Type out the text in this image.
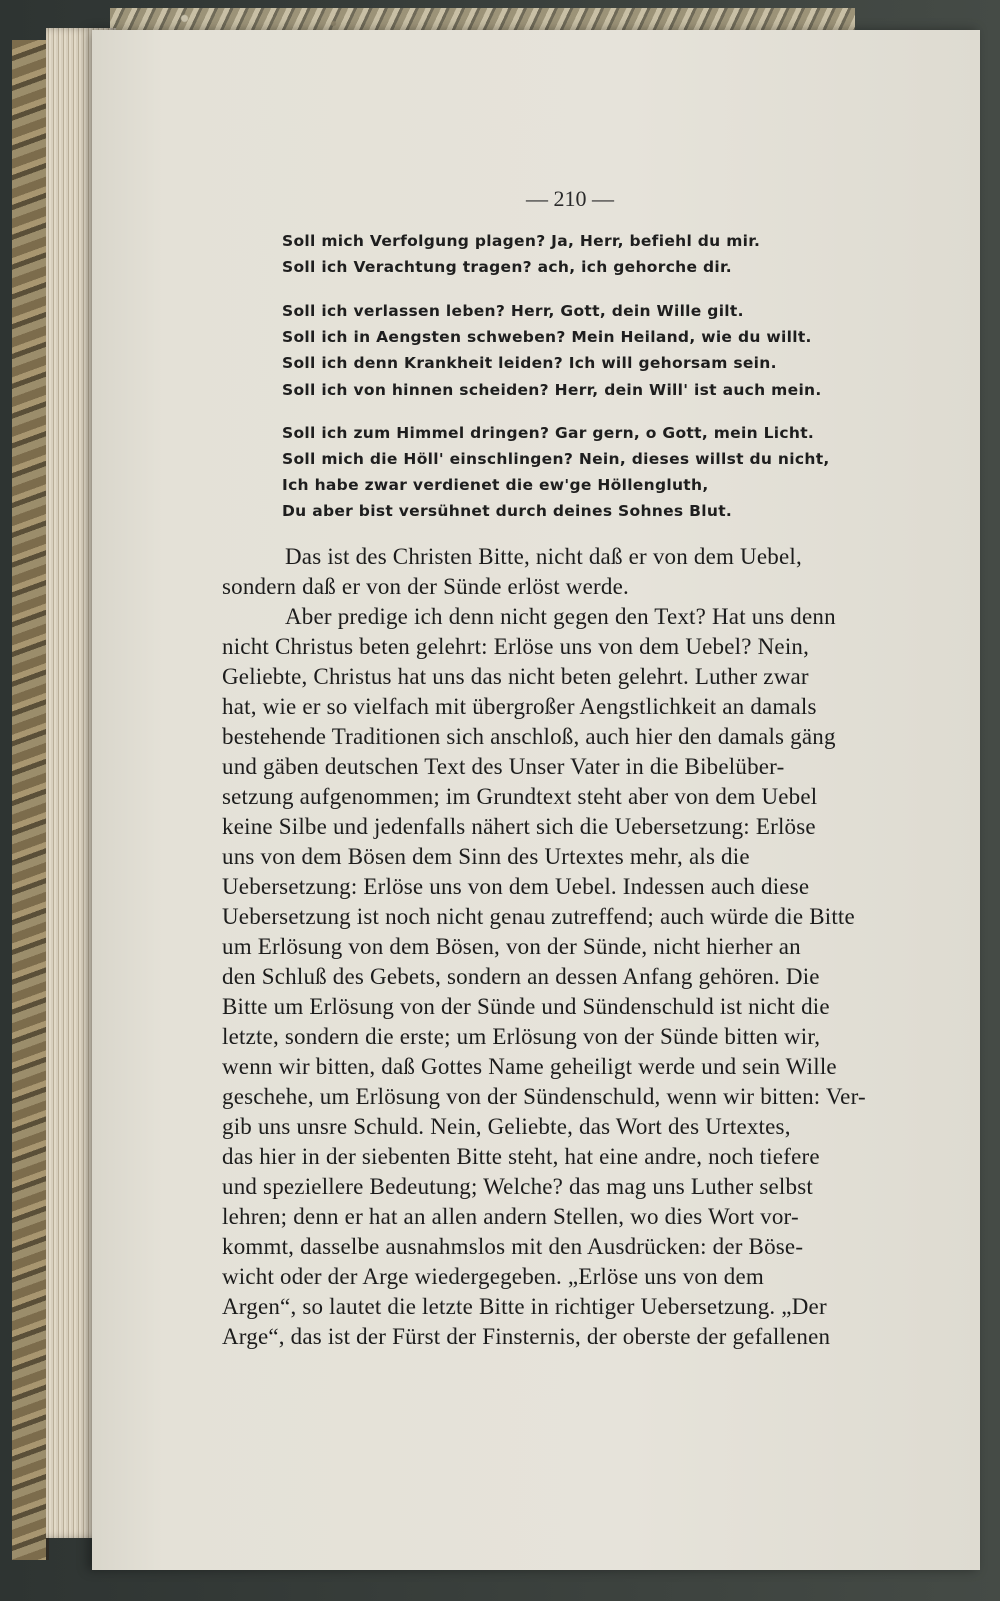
— 210 —
Soll mich Verfolgung plagen? Ja, Herr, befiehl du mir.
Soll ich Verachtung tragen? ach, ich gehorche dir.
Soll ich verlassen leben? Herr, Gott, dein Wille gilt.
Soll ich in Aengsten schweben? Mein Heiland, wie du willt.
Soll ich denn Krankheit leiden? Ich will gehorsam sein.
Soll ich von hinnen scheiden? Herr, dein Will' ist auch mein.
Soll ich zum Himmel dringen? Gar gern, o Gott, mein Licht.
Soll mich die Höll' einschlingen? Nein, dieses willst du nicht,
Ich habe zwar verdienet die ew'ge Höllengluth,
Du aber bist versühnet durch deines Sohnes Blut.
Das ist des Christen Bitte, nicht daß er von dem Uebel,
sondern daß er von der Sünde erlöst werde.
Aber predige ich denn nicht gegen den Text? Hat uns denn
nicht Christus beten gelehrt: Erlöse uns von dem Uebel? Nein,
Geliebte, Christus hat uns das nicht beten gelehrt. Luther zwar
hat, wie er so vielfach mit übergroßer Aengstlichkeit an damals
bestehende Traditionen sich anschloß, auch hier den damals gäng
und gäben deutschen Text des Unser Vater in die Bibelüber-
setzung aufgenommen; im Grundtext steht aber von dem Uebel
keine Silbe und jedenfalls nähert sich die Uebersetzung: Erlöse
uns von dem Bösen dem Sinn des Urtextes mehr, als die
Uebersetzung: Erlöse uns von dem Uebel. Indessen auch diese
Uebersetzung ist noch nicht genau zutreffend; auch würde die Bitte
um Erlösung von dem Bösen, von der Sünde, nicht hierher an
den Schluß des Gebets, sondern an dessen Anfang gehören. Die
Bitte um Erlösung von der Sünde und Sündenschuld ist nicht die
letzte, sondern die erste; um Erlösung von der Sünde bitten wir,
wenn wir bitten, daß Gottes Name geheiligt werde und sein Wille
geschehe, um Erlösung von der Sündenschuld, wenn wir bitten: Ver-
gib uns unsre Schuld. Nein, Geliebte, das Wort des Urtextes,
das hier in der siebenten Bitte steht, hat eine andre, noch tiefere
und speziellere Bedeutung; Welche? das mag uns Luther selbst
lehren; denn er hat an allen andern Stellen, wo dies Wort vor-
kommt, dasselbe ausnahmslos mit den Ausdrücken: der Böse-
wicht oder der Arge wiedergegeben. „Erlöse uns von dem
Argen“, so lautet die letzte Bitte in richtiger Uebersetzung. „Der
Arge“, das ist der Fürst der Finsternis, der oberste der gefallenen
